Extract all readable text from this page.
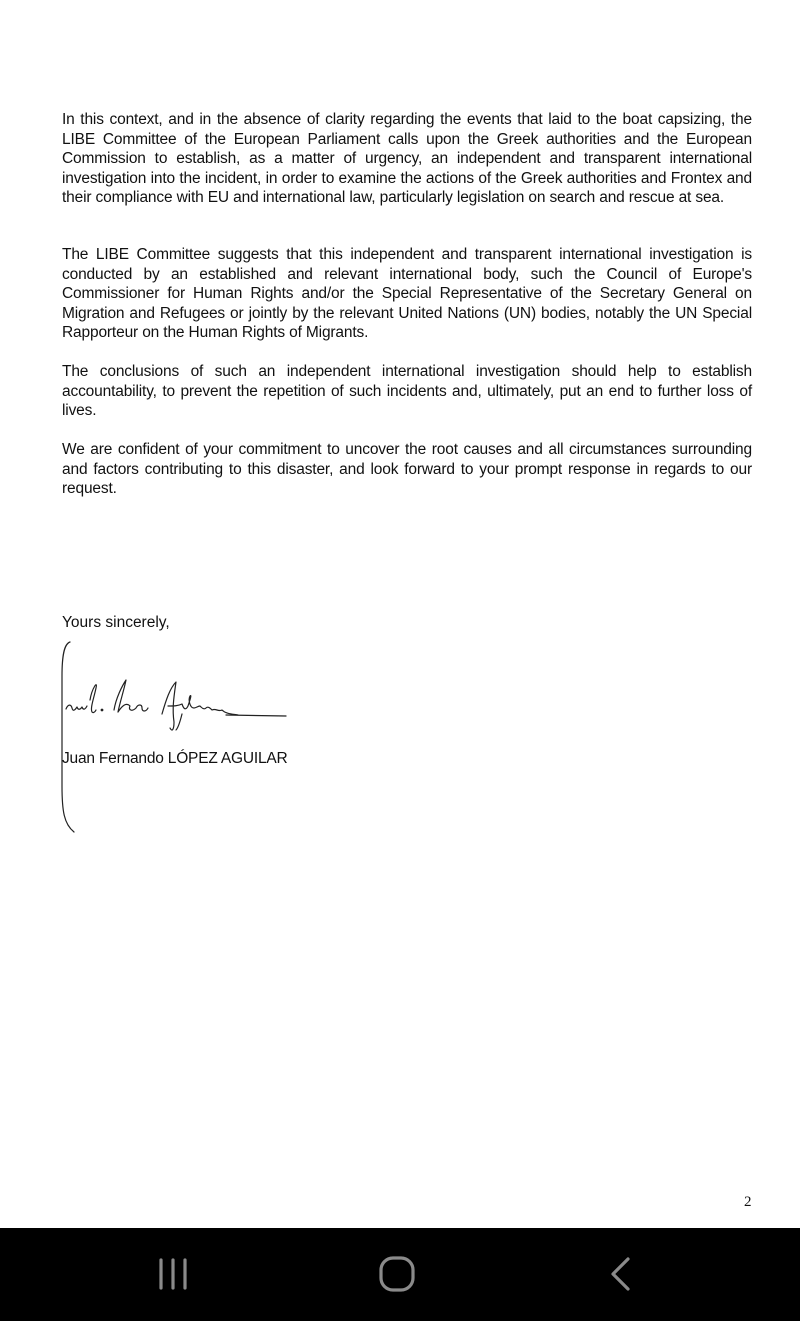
In this context, and in the absence of clarity regarding the events that laid to the boat capsizing, the LIBE Committee of the European Parliament calls upon the Greek authorities and the European Commission to establish, as a matter of urgency, an independent and transparent international investigation into the incident, in order to examine the actions of the Greek authorities and Frontex and their compliance with EU and international law, particularly legislation on search and rescue at sea.

The LIBE Committee suggests that this independent and transparent international investigation is conducted by an established and relevant international body, such the Council of Europe's Commissioner for Human Rights and/or the Special Representative of the Secretary General on Migration and Refugees or jointly by the relevant United Nations (UN) bodies, notably the UN Special Rapporteur on the Human Rights of Migrants.

The conclusions of such an independent international investigation should help to establish accountability, to prevent the repetition of such incidents and, ultimately, put an end to further loss of lives.

We are confident of your commitment to uncover the root causes and all circumstances surrounding and factors contributing to this disaster, and look forward to your prompt response in regards to our request.

Yours sincerely,

Juan Fernando LÓPEZ AGUILAR

2
